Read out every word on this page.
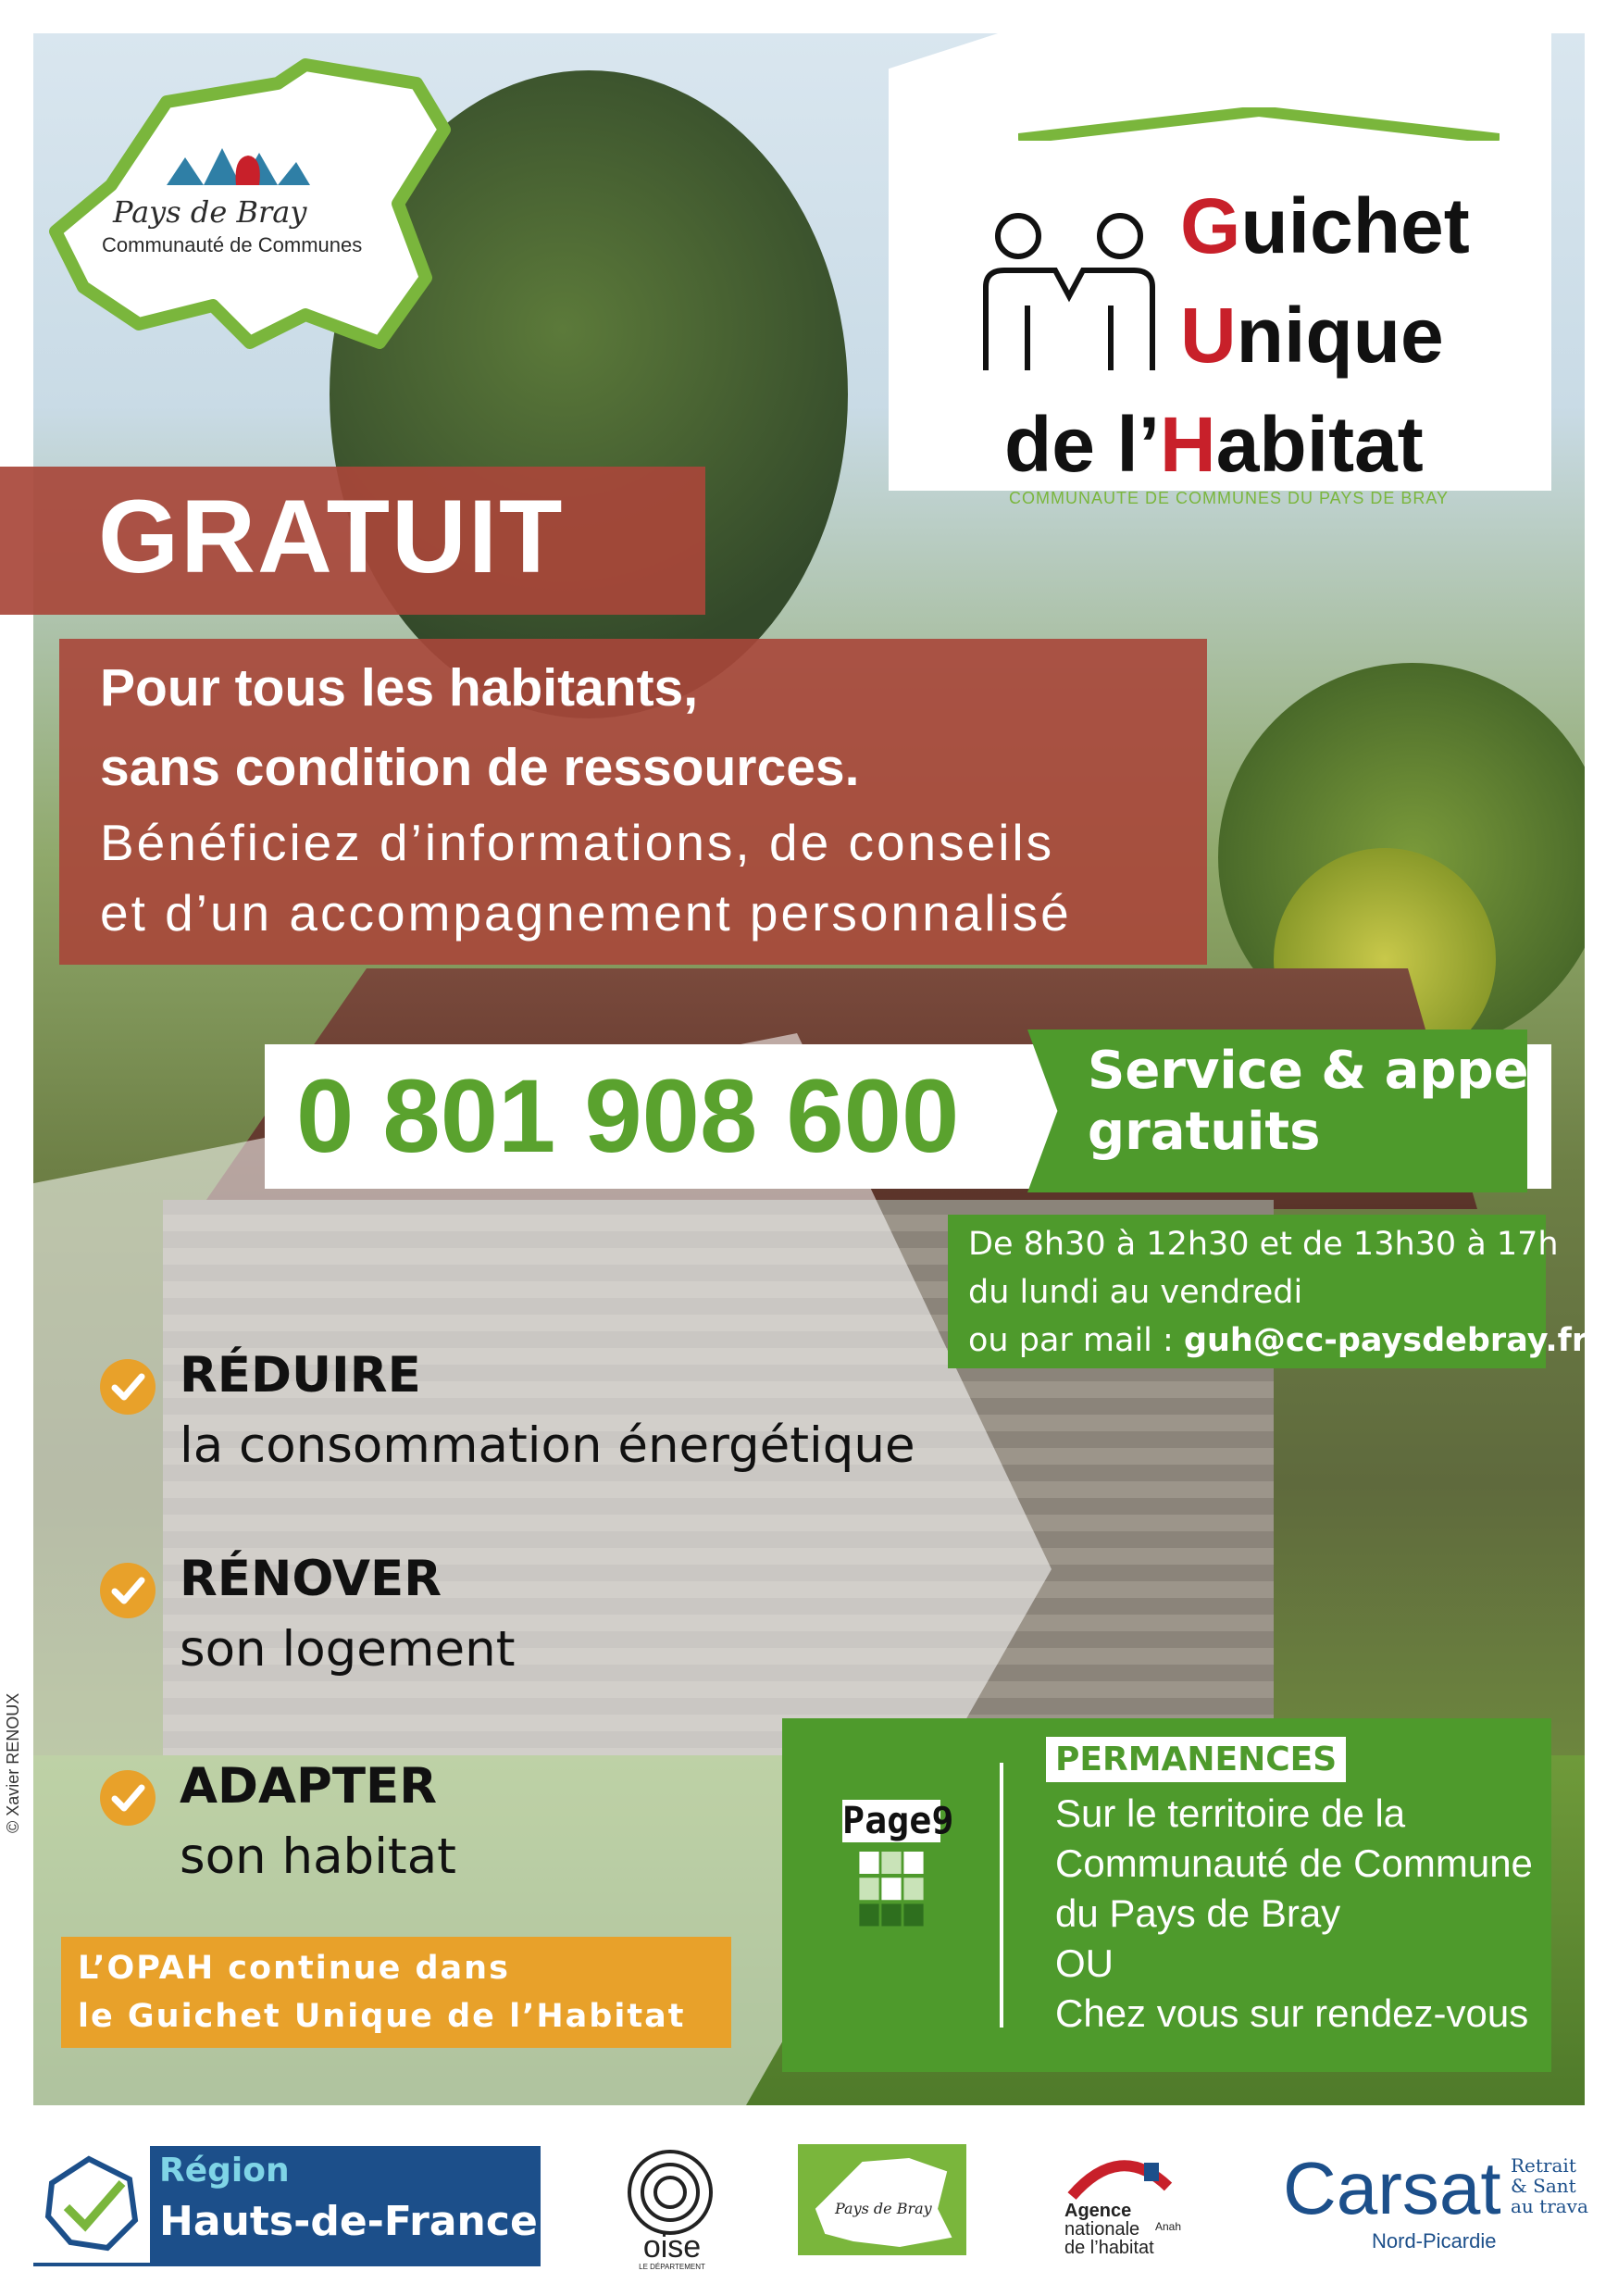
Guichet
Unique
de l’Habitat
COMMUNAUTE DE COMMUNES DU PAYS DE BRAY
Pays de Bray
Communauté de Communes
GRATUIT
Pour tous les habitants,
sans condition de ressources.
Bénéficiez d’informations, de conseils
et d’un accompagnement personnalisé
0 801 908 600 Service & appel
gratuits
De 8h30 à 12h30 et de 13h30 à 17h
du lundi au vendredi
ou par mail : guh@cc-paysdebray.fr
RÉDUIRE
la consommation énergétique
RÉNOVER
son logement
ADAPTER
son habitat
L’OPAH continue dans
le Guichet Unique de l’Habitat
Page9
PERMANENCES
Sur le territoire de la
Communauté de Commune
du Pays de Bray
OU
Chez vous sur rendez-vous
© Xavier RENOUX
Région
Hauts-de-France
oise
LE DÉPARTEMENT
Pays de Bray	Agence
nationale
de l’habitat
Anah Carsat Retrait
& Sant
au trava
Nord-Picardie
